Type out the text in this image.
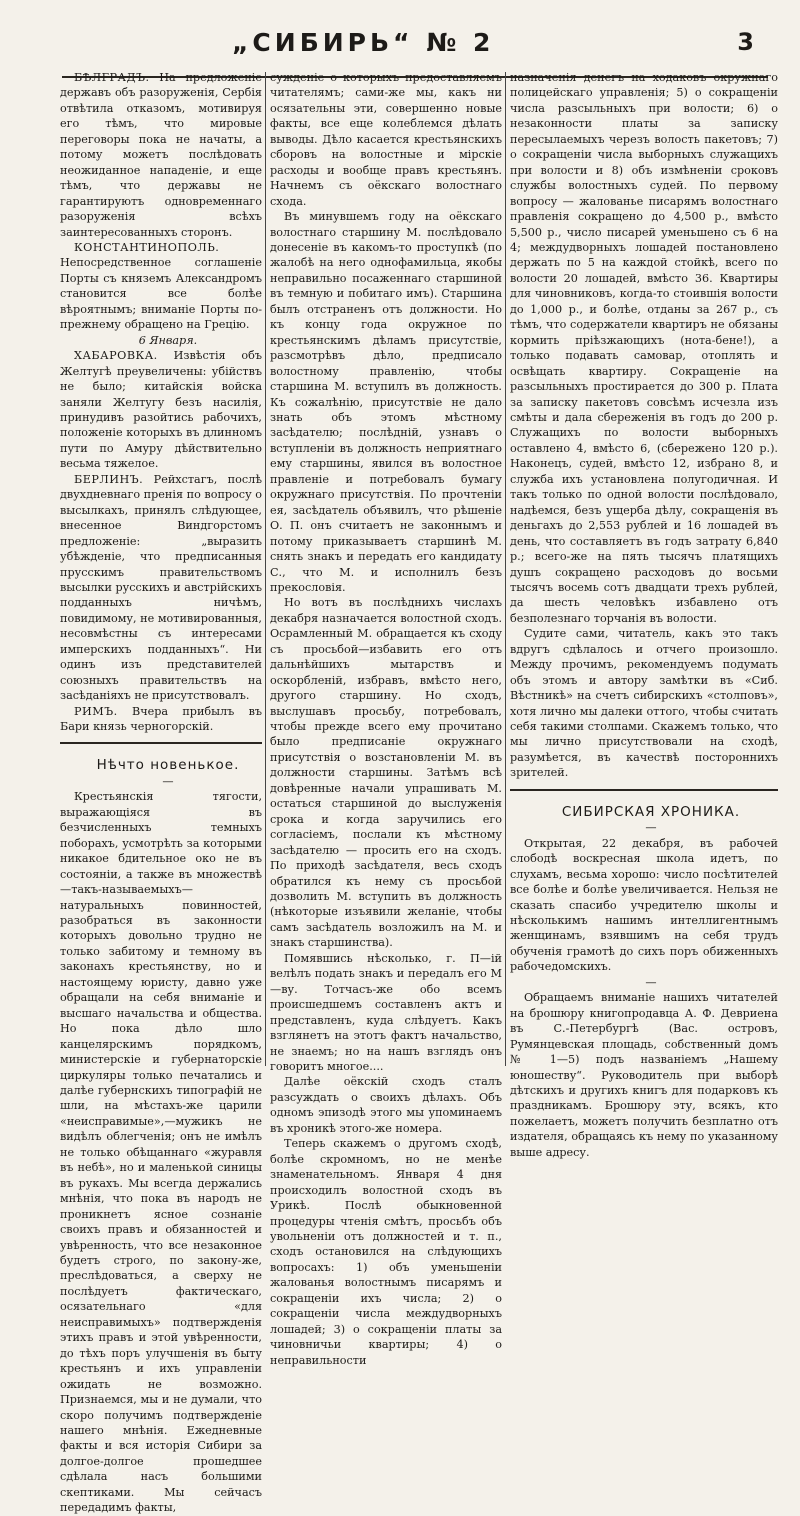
„СИБИРЬ“ № 2	3

БѢЛГРАДЪ. На предложенiе державъ объ разоруженiя, Сербiя отвѣтила отказомъ, мотивируя его тѣмъ, что мировые переговоры пока не начаты, а потому можетъ послѣдовать неожиданное нападенiе, и еще тѣмъ, что державы не гарантируютъ одновременнаго разоруженiя всѣхъ заинтересованныхъ сторонъ.

КОНСТАНТИНОПОЛЬ. Непосредственное соглашенiе Порты съ княземъ Александромъ становится все болѣе вѣроятнымъ; вниманiе Порты по-прежнему обращено на Грецiю.

6 Января.

ХАБАРОВКА. Извѣстiя объ Желтугѣ преувеличены: убiйствъ не было; китайскiя войска заняли Желтугу безъ насилiя, принудивъ разойтись рабочихъ, положенiе которыхъ въ длинномъ пути по Амуру дѣйствительно весьма тяжелое.

БЕРЛИНЪ. Рейхстагъ, послѣ двухдневнаго пренiя по вопросу о высылкахъ, принялъ слѣдующее, внесенное Виндгорстомъ предложенiе: „выразить убѣжденiе, что предписанныя прусскимъ правительствомъ высылки русскихъ и австрiйскихъ подданныхъ ничѣмъ, повидимому, не мотивированныя, несовмѣстны съ интересами имперскихъ подданныхъ“. Ни одинъ изъ представителей союзныхъ правительствъ на засѣданiяхъ не присутствовалъ.

РИМЪ. Вчера прибылъ въ Бари князь черногорскiй.

Нѣчто новенькое.

—

Крестьянскiя тягости, выражающiяся въ безчисленныхъ темныхъ поборахъ, усмотрѣть за которыми никакое бдительное око не въ состоянiи, а также въ множествѣ—такъ-называемыхъ—натуральныхъ повинностей, разобраться въ законности которыхъ довольно трудно не только забитому и темному въ законахъ крестьянству, но и настоящему юристу, давно уже обращали на себя вниманiе и высшаго начальства и общества. Но пока дѣло шло канцелярскимъ порядкомъ, министерскiе и губернаторскiе циркуляры только печатались и далѣе губернскихъ типографiй не шли, на мѣстахъ-же царили «неисправимые»,—мужикъ не видѣлъ облегченiя; онъ не имѣлъ не только обѣщаннаго «журавля въ небѣ», но и маленькой синицы въ рукахъ. Мы всегда держались мнѣнiя, что пока въ народъ не проникнетъ ясное сознанiе своихъ правъ и обязанностей и увѣренность, что все незаконное будетъ строго, по закону-же, преслѣдоваться, а сверху не послѣдуетъ фактическаго, осязательнаго «для неисправимыхъ» подтвержденiя этихъ правъ и этой увѣренности, до тѣхъ поръ улучшенiя въ быту крестьянъ и ихъ управленiи ожидать не возможно. Признаемся, мы и не думали, что скоро получимъ подтвержденiе нашего мнѣнiя. Ежедневные факты и вся исторiя Сибири за долгое-долгое прошедшее сдѣлала насъ большими скептиками. Мы сейчасъ передадимъ факты,

сужденiе о которыхъ предоставляемъ читателямъ; сами-же мы, какъ ни осязательны эти, совершенно новые факты, все еще колеблемся дѣлать выводы. Дѣло касается крестьянскихъ сборовъ на волостные и мiрскiе расходы и вообще правъ крестьянъ. Начнемъ съ оёкскаго волостнаго схода.

Въ минувшемъ году на оёкскаго волостнаго старшину М. послѣдовало донесенiе въ какомъ-то проступкѣ (по жалобѣ на него однофамильца, якобы неправильно посаженнаго старшиной въ темную и побитаго имъ). Старшина былъ отстраненъ отъ должности. Но къ концу года окружное по крестьянскимъ дѣламъ присутствiе, разсмотрѣвъ дѣло, предписало волостному правленiю, чтобы старшина М. вступилъ въ должность. Къ сожалѣнiю, присутствiе не дало знать объ этомъ мѣстному засѣдателю; послѣднiй, узнавъ о вступленiи въ должность неприятнаго ему старшины, явился въ волостное правленiе и потребовалъ бумагу окружнаго присутствiя. По прочтенiи ея, засѣдатель объявилъ, что рѣшенiе О. П. онъ считаетъ не законнымъ и потому приказываетъ старшинѣ М. снять знакъ и передать его кандидату С., что М. и исполнилъ безъ прекословiя.

Но вотъ въ послѣднихъ числахъ декабря назначается волостной сходъ. Осрамленный М. обращается къ сходу съ просьбой—избавить его отъ дальнѣйшихъ мытарствъ и оскорбленiй, избравъ, вмѣсто него, другого старшину. Но сходъ, выслушавъ просьбу, потребовалъ, чтобы прежде всего ему прочитано было предписанiе окружнаго присутствiя о возстановленiи М. въ должности старшины. Затѣмъ всѣ довѣренные начали упрашивать М. остаться старшиной до выслуженiя срока и когда заручились его согласiемъ, послали къ мѣстному засѣдателю — просить его на сходъ. По приходѣ засѣдателя, весь сходъ обратился къ нему съ просьбой дозволить М. вступить въ должность (нѣкоторые изъявили желанiе, чтобы самъ засѣдатель возложилъ на М. и знакъ старшинства).

Помявшись нѣсколько, г. П—iй велѣлъ подать знакъ и передалъ его М—ву. Тотчасъ-же обо всемъ происшедшемъ составленъ актъ и представленъ, куда слѣдуетъ. Какъ взглянетъ на этотъ фактъ начальство, не знаемъ; но на нашъ взглядъ онъ говоритъ многое....

Далѣе оёкскiй сходъ сталъ разсуждать о своихъ дѣлахъ. Объ одномъ эпизодѣ этого мы упоминаемъ въ хроникѣ этого-же номера.

Теперь скажемъ о другомъ сходѣ, болѣе скромномъ, но не менѣе знаменательномъ. Января 4 дня происходилъ волостной сходъ въ Урикѣ. Послѣ обыкновенной процедуры чтенiя смѣтъ, просьбъ объ увольненiи отъ должностей и т. п., сходъ остановился на слѣдующихъ вопросахъ: 1) объ уменьшенiи жалованья волостнымъ писарямъ и сокращенiи ихъ числа; 2) о сокращенiи числа междудворныхъ лошадей; 3) о сокращенiи платы за чиновничьи квартиры; 4) о неправильности

назначенiя денегъ на ходаковъ окружнаго полицейскаго управленiя; 5) о сокращенiи числа разсыльныхъ при волости; 6) о незаконности платы за записку пересылаемыхъ черезъ волость пакетовъ; 7) о сокращенiи числа выборныхъ служащихъ при волости и 8) объ измѣненiи сроковъ службы волостныхъ судей. По первому вопросу — жалованье писарямъ волостнаго правленiя сокращено до 4,500 р., вмѣсто 5,500 р., число писарей уменьшено съ 6 на 4; междудворныхъ лошадей постановлено держать по 5 на каждой стойкѣ, всего по волости 20 лошадей, вмѣсто 36. Квартиры для чиновниковъ, когда-то стоившiя волости до 1,000 р., и болѣе, отданы за 267 р., съ тѣмъ, что содержатели квартиръ не обязаны кормить прiѣзжающихъ (нота-бене!), а только подавать самовар, отоплять и освѣщать квартиру. Сокращенiе на разсыльныхъ простирается до 300 р. Плата за записку пакетовъ совсѣмъ исчезла изъ смѣты и дала сбереженiя въ годъ до 200 р. Служащихъ по волости выборныхъ оставлено 4, вмѣсто 6, (сбережено 120 р.). Наконецъ, судей, вмѣсто 12, избрано 8, и служба ихъ установлена полугодичная. И такъ только по одной волости послѣдовало, надѣемся, безъ ущерба дѣлу, сокращенiя въ деньгахъ до 2,553 рублей и 16 лошадей въ день, что составляетъ въ годъ затрату 6,840 р.; всего-же на пять тысячъ платящихъ душъ сокращено расходовъ до восьми тысячъ восемь сотъ двадцати трехъ рублей, да шесть человѣкъ избавлено отъ безполезнаго торчанiя въ волости.

Судите сами, читатель, какъ это такъ вдругъ сдѣлалось и отчего произошло. Между прочимъ, рекомендуемъ подумать объ этомъ и автору замѣтки въ «Сиб. Вѣстникѣ» на счетъ сибирскихъ «столповъ», хотя лично мы далеки оттого, чтобы считать себя такими столпами. Скажемъ только, что мы лично присутствовали на сходѣ, разумѣется, въ качествѣ постороннихъ зрителей.

СИБИРСКАЯ ХРОНИКА.

—

Открытая, 22 декабря, въ рабочей слободѣ воскресная школа идетъ, по слухамъ, весьма хорошо: число посѣтителей все болѣе и болѣе увеличивается. Нельзя не сказать спасибо учредителю школы и нѣсколькимъ нашимъ интеллигентнымъ женщинамъ, взявшимъ на себя трудъ обученiя грамотѣ до сихъ поръ обиженныхъ рабочедомскихъ.

—

Обращаемъ вниманiе нашихъ читателей на брошюру книгопродавца А. Ф. Девриена въ С.-Петербургѣ (Вас. островъ, Румянцевская площадь, собственный домъ № 1—5) подъ названiемъ „Нашему юношеству“. Руководитель при выборѣ дѣтскихъ и другихъ книгъ для подарковъ къ праздникамъ. Брошюру эту, всякъ, кто пожелаетъ, можетъ получить безплатно отъ издателя, обращаясь къ нему по указанному выше адресу.
